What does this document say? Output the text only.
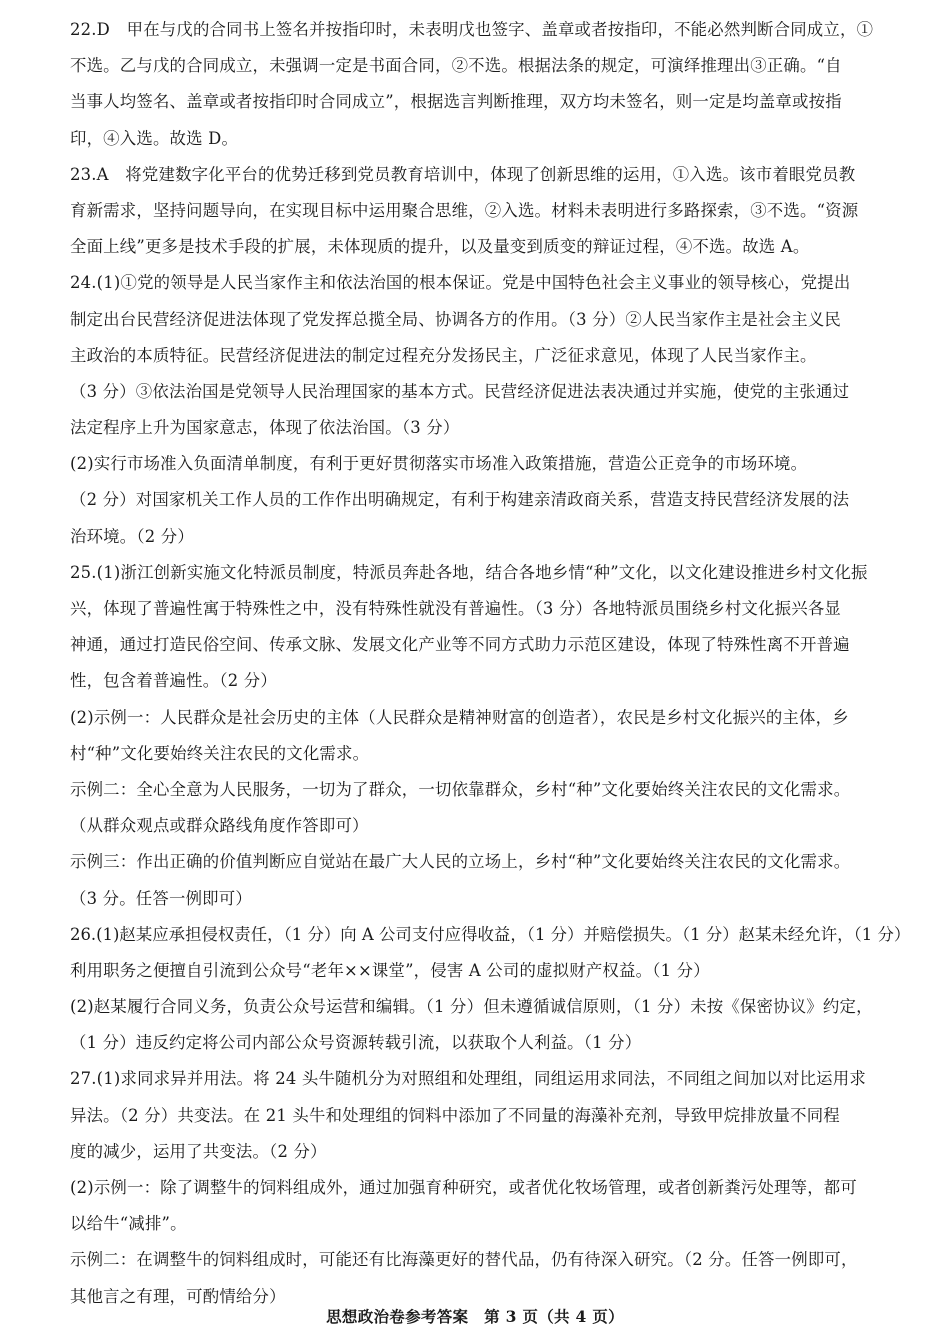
22.D　甲在与戊的合同书上签名并按指印时，未表明戊也签字、盖章或者按指印，不能必然判断合同成立，①
不选。乙与戊的合同成立，未强调一定是书面合同，②不选。根据法条的规定，可演绎推理出③正确。“自
当事人均签名、盖章或者按指印时合同成立”，根据选言判断推理，双方均未签名，则一定是均盖章或按指
印，④入选。故选 D。
23.A　将党建数字化平台的优势迁移到党员教育培训中，体现了创新思维的运用，①入选。该市着眼党员教
育新需求，坚持问题导向，在实现目标中运用聚合思维，②入选。材料未表明进行多路探索，③不选。“资源
全面上线”更多是技术手段的扩展，未体现质的提升，以及量变到质变的辩证过程，④不选。故选 A。
24.(1)①党的领导是人民当家作主和依法治国的根本保证。党是中国特色社会主义事业的领导核心，党提出
制定出台民营经济促进法体现了党发挥总揽全局、协调各方的作用。（3 分）②人民当家作主是社会主义民
主政治的本质特征。民营经济促进法的制定过程充分发扬民主，广泛征求意见，体现了人民当家作主。
（3 分）③依法治国是党领导人民治理国家的基本方式。民营经济促进法表决通过并实施，使党的主张通过
法定程序上升为国家意志，体现了依法治国。（3 分）
(2)实行市场准入负面清单制度，有利于更好贯彻落实市场准入政策措施，营造公正竞争的市场环境。
（2 分）对国家机关工作人员的工作作出明确规定，有利于构建亲清政商关系，营造支持民营经济发展的法
治环境。（2 分）
25.(1)浙江创新实施文化特派员制度，特派员奔赴各地，结合各地乡情“种”文化，以文化建设推进乡村文化振
兴，体现了普遍性寓于特殊性之中，没有特殊性就没有普遍性。（3 分）各地特派员围绕乡村文化振兴各显
神通，通过打造民俗空间、传承文脉、发展文化产业等不同方式助力示范区建设，体现了特殊性离不开普遍
性，包含着普遍性。（2 分）
(2)示例一：人民群众是社会历史的主体（人民群众是精神财富的创造者），农民是乡村文化振兴的主体，乡
村“种”文化要始终关注农民的文化需求。
示例二：全心全意为人民服务，一切为了群众，一切依靠群众，乡村“种”文化要始终关注农民的文化需求。
（从群众观点或群众路线角度作答即可）
示例三：作出正确的价值判断应自觉站在最广大人民的立场上，乡村“种”文化要始终关注农民的文化需求。
（3 分。任答一例即可）
26.(1)赵某应承担侵权责任，（1 分）向 A 公司支付应得收益，（1 分）并赔偿损失。（1 分）赵某未经允许，（1 分）
利用职务之便擅自引流到公众号“老年××课堂”，侵害 A 公司的虚拟财产权益。（1 分）
(2)赵某履行合同义务，负责公众号运营和编辑。（1 分）但未遵循诚信原则，（1 分）未按《保密协议》约定，
（1 分）违反约定将公司内部公众号资源转载引流，以获取个人利益。（1 分）
27.(1)求同求异并用法。将 24 头牛随机分为对照组和处理组，同组运用求同法，不同组之间加以对比运用求
异法。（2 分）共变法。在 21 头牛和处理组的饲料中添加了不同量的海藻补充剂，导致甲烷排放量不同程
度的减少，运用了共变法。（2 分）
(2)示例一：除了调整牛的饲料组成外，通过加强育种研究，或者优化牧场管理，或者创新粪污处理等，都可
以给牛“减排”。
示例二：在调整牛的饲料组成时，可能还有比海藻更好的替代品，仍有待深入研究。（2 分。任答一例即可，
其他言之有理，可酌情给分）
思想政治卷参考答案　第 3 页（共 4 页）
